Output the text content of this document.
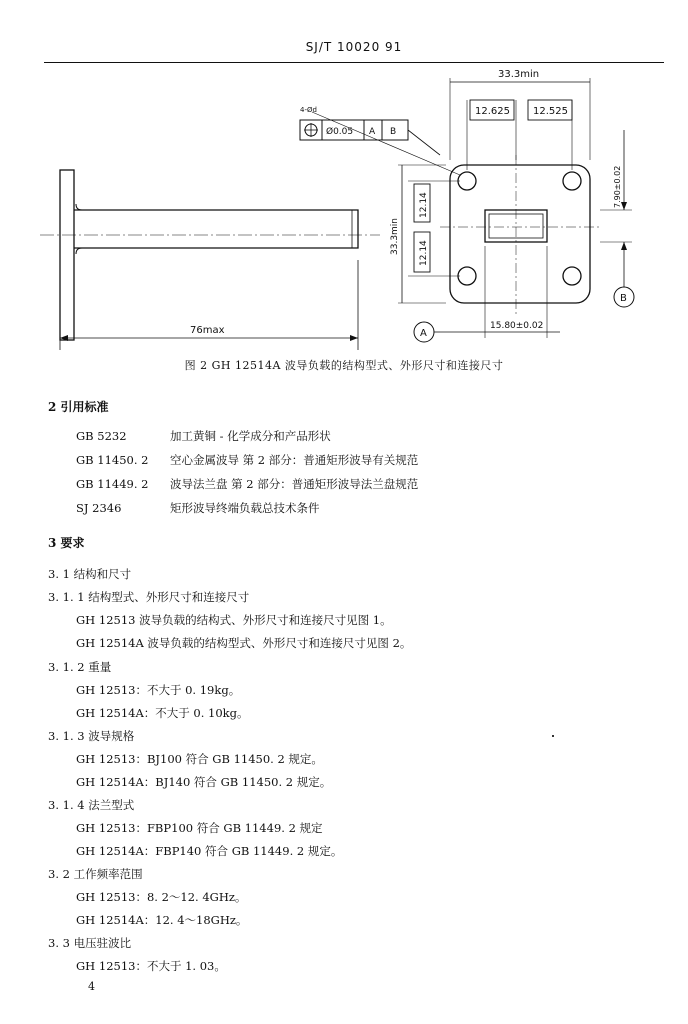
SJ/T 10020 91
33.3min
12.625 12.525
4-Ød
Ø0.05 A B
33.3min
12.14
12.14
76max	15.80±0.02
7.90±0.02
A
B
图 2 GH 12514A 波导负载的结构型式、外形尺寸和连接尺寸
2 引用标准
GB 5232	加工黄铜 - 化学成分和产品形状
GB 11450. 2	空心金属波导 第 2 部分：普通矩形波导有关规范
GB 11449. 2	波导法兰盘 第 2 部分：普通矩形波导法兰盘规范
SJ 2346	矩形波导终端负载总技术条件
3 要求
3. 1 结构和尺寸
3. 1. 1 结构型式、外形尺寸和连接尺寸
GH 12513 波导负载的结构式、外形尺寸和连接尺寸见图 1。
GH 12514A 波导负载的结构型式、外形尺寸和连接尺寸见图 2。
3. 1. 2 重量
GH 12513：不大于 0. 19kg。
GH 12514A：不大于 0. 10kg。
3. 1. 3 波导规格
GH 12513：BJ100 符合 GB 11450. 2 规定。
GH 12514A：BJ140 符合 GB 11450. 2 规定。
3. 1. 4 法兰型式
GH 12513：FBP100 符合 GB 11449. 2 规定
GH 12514A：FBP140 符合 GB 11449. 2 规定。
3. 2 工作频率范围
GH 12513：8. 2～12. 4GHz。
GH 12514A：12. 4～18GHz。
3. 3 电压驻波比
GH 12513：不大于 1. 03。
4
